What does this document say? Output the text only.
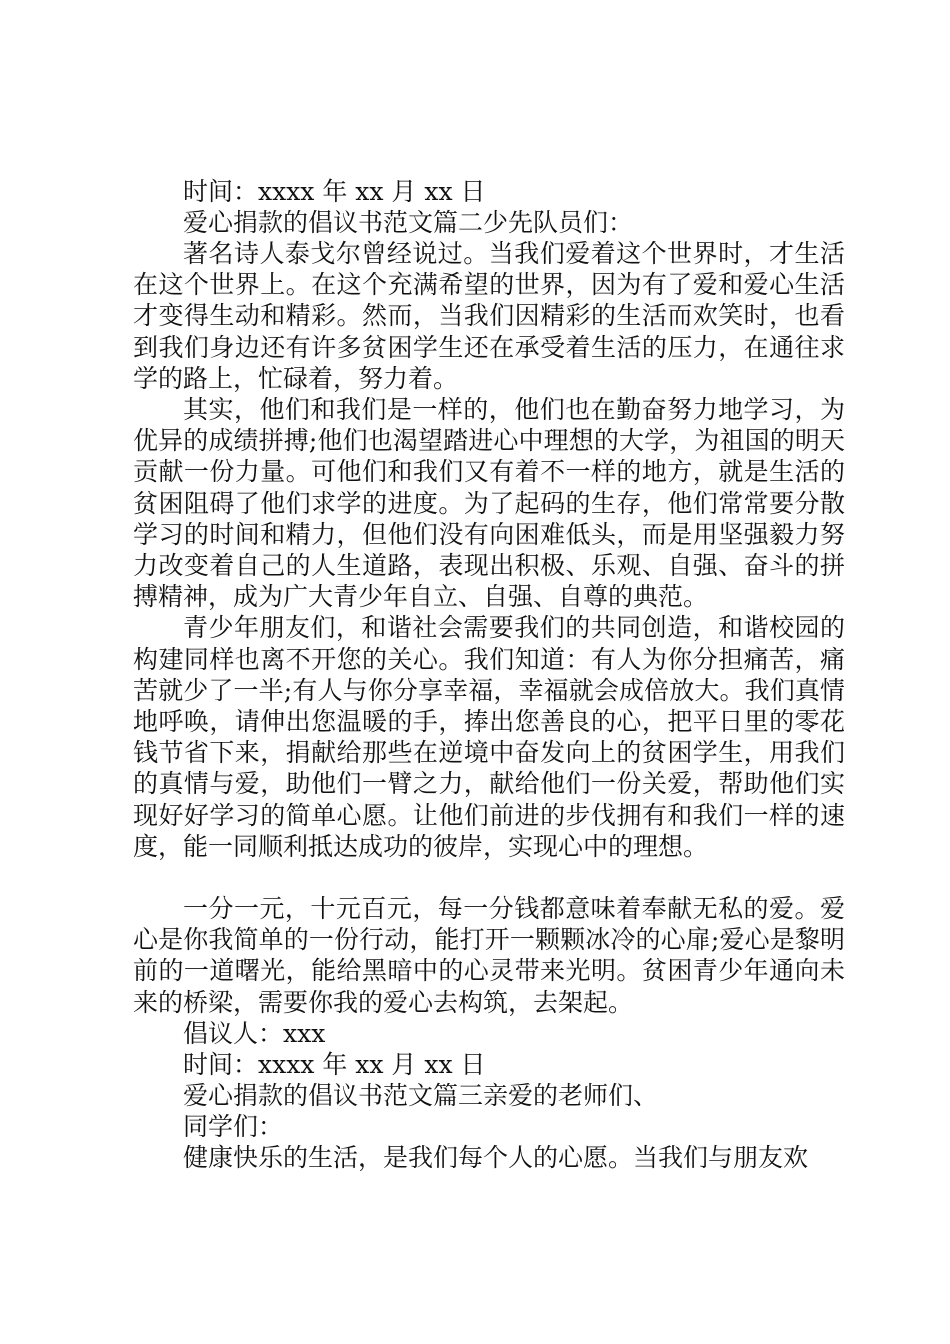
时间：xxxx 年 xx 月 xx 日
爱心捐款的倡议书范文篇二少先队员们：

著名诗人泰戈尔曾经说过。当我们爱着这个世界时，才生活在这个世界上。在这个充满希望的世界，因为有了爱和爱心生活才变得生动和精彩。然而，当我们因精彩的生活而欢笑时，也看到我们身边还有许多贫困学生还在承受着生活的压力，在通往求学的路上，忙碌着，努力着。

其实，他们和我们是一样的，他们也在勤奋努力地学习，为优异的成绩拼搏;他们也渴望踏进心中理想的大学，为祖国的明天贡献一份力量。可他们和我们又有着不一样的地方，就是生活的贫困阻碍了他们求学的进度。为了起码的生存，他们常常要分散学习的时间和精力，但他们没有向困难低头，而是用坚强毅力努力改变着自己的人生道路，表现出积极、乐观、自强、奋斗的拼搏精神，成为广大青少年自立、自强、自尊的典范。

青少年朋友们，和谐社会需要我们的共同创造，和谐校园的构建同样也离不开您的关心。我们知道：有人为你分担痛苦，痛苦就少了一半;有人与你分享幸福，幸福就会成倍放大。我们真情地呼唤，请伸出您温暖的手，捧出您善良的心，把平日里的零花钱节省下来，捐献给那些在逆境中奋发向上的贫困学生，用我们的真情与爱，助他们一臂之力，献给他们一份关爱，帮助他们实现好好学习的简单心愿。让他们前进的步伐拥有和我们一样的速度，能一同顺利抵达成功的彼岸，实现心中的理想。

一分一元，十元百元，每一分钱都意味着奉献无私的爱。爱心是你我简单的一份行动，能打开一颗颗冰冷的心扉;爱心是黎明前的一道曙光，能给黑暗中的心灵带来光明。贫困青少年通向未来的桥梁，需要你我的爱心去构筑，去架起。

倡议人：xxx
时间：xxxx 年 xx 月 xx 日
爱心捐款的倡议书范文篇三亲爱的老师们、
同学们：
健康快乐的生活，是我们每个人的心愿。当我们与朋友欢
